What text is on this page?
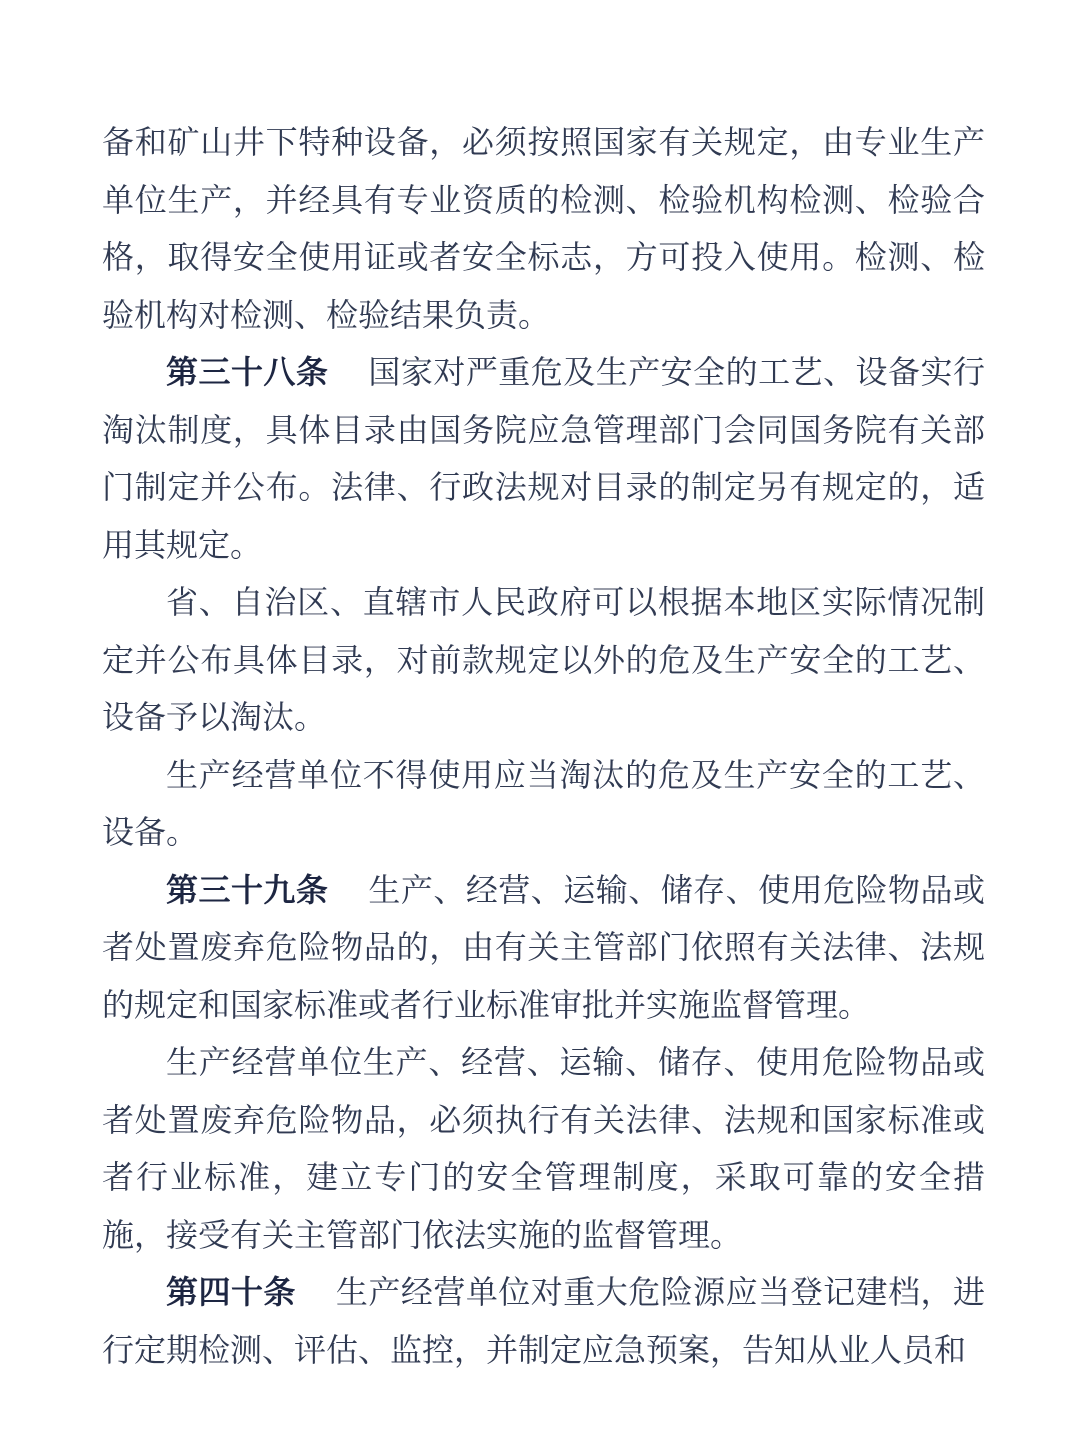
备和矿山井下特种设备，必须按照国家有关规定，由专业生产单位生产，并经具有专业资质的检测、检验机构检测、检验合格，取得安全使用证或者安全标志，方可投入使用。检测、检验机构对检测、检验结果负责。

第三十八条 国家对严重危及生产安全的工艺、设备实行淘汰制度，具体目录由国务院应急管理部门会同国务院有关部门制定并公布。法律、行政法规对目录的制定另有规定的，适用其规定。

省、自治区、直辖市人民政府可以根据本地区实际情况制定并公布具体目录，对前款规定以外的危及生产安全的工艺、设备予以淘汰。

生产经营单位不得使用应当淘汰的危及生产安全的工艺、设备。

第三十九条 生产、经营、运输、储存、使用危险物品或者处置废弃危险物品的，由有关主管部门依照有关法律、法规的规定和国家标准或者行业标准审批并实施监督管理。

生产经营单位生产、经营、运输、储存、使用危险物品或者处置废弃危险物品，必须执行有关法律、法规和国家标准或者行业标准，建立专门的安全管理制度，采取可靠的安全措施，接受有关主管部门依法实施的监督管理。

第四十条 生产经营单位对重大危险源应当登记建档，进行定期检测、评估、监控，并制定应急预案，告知从业人员和
